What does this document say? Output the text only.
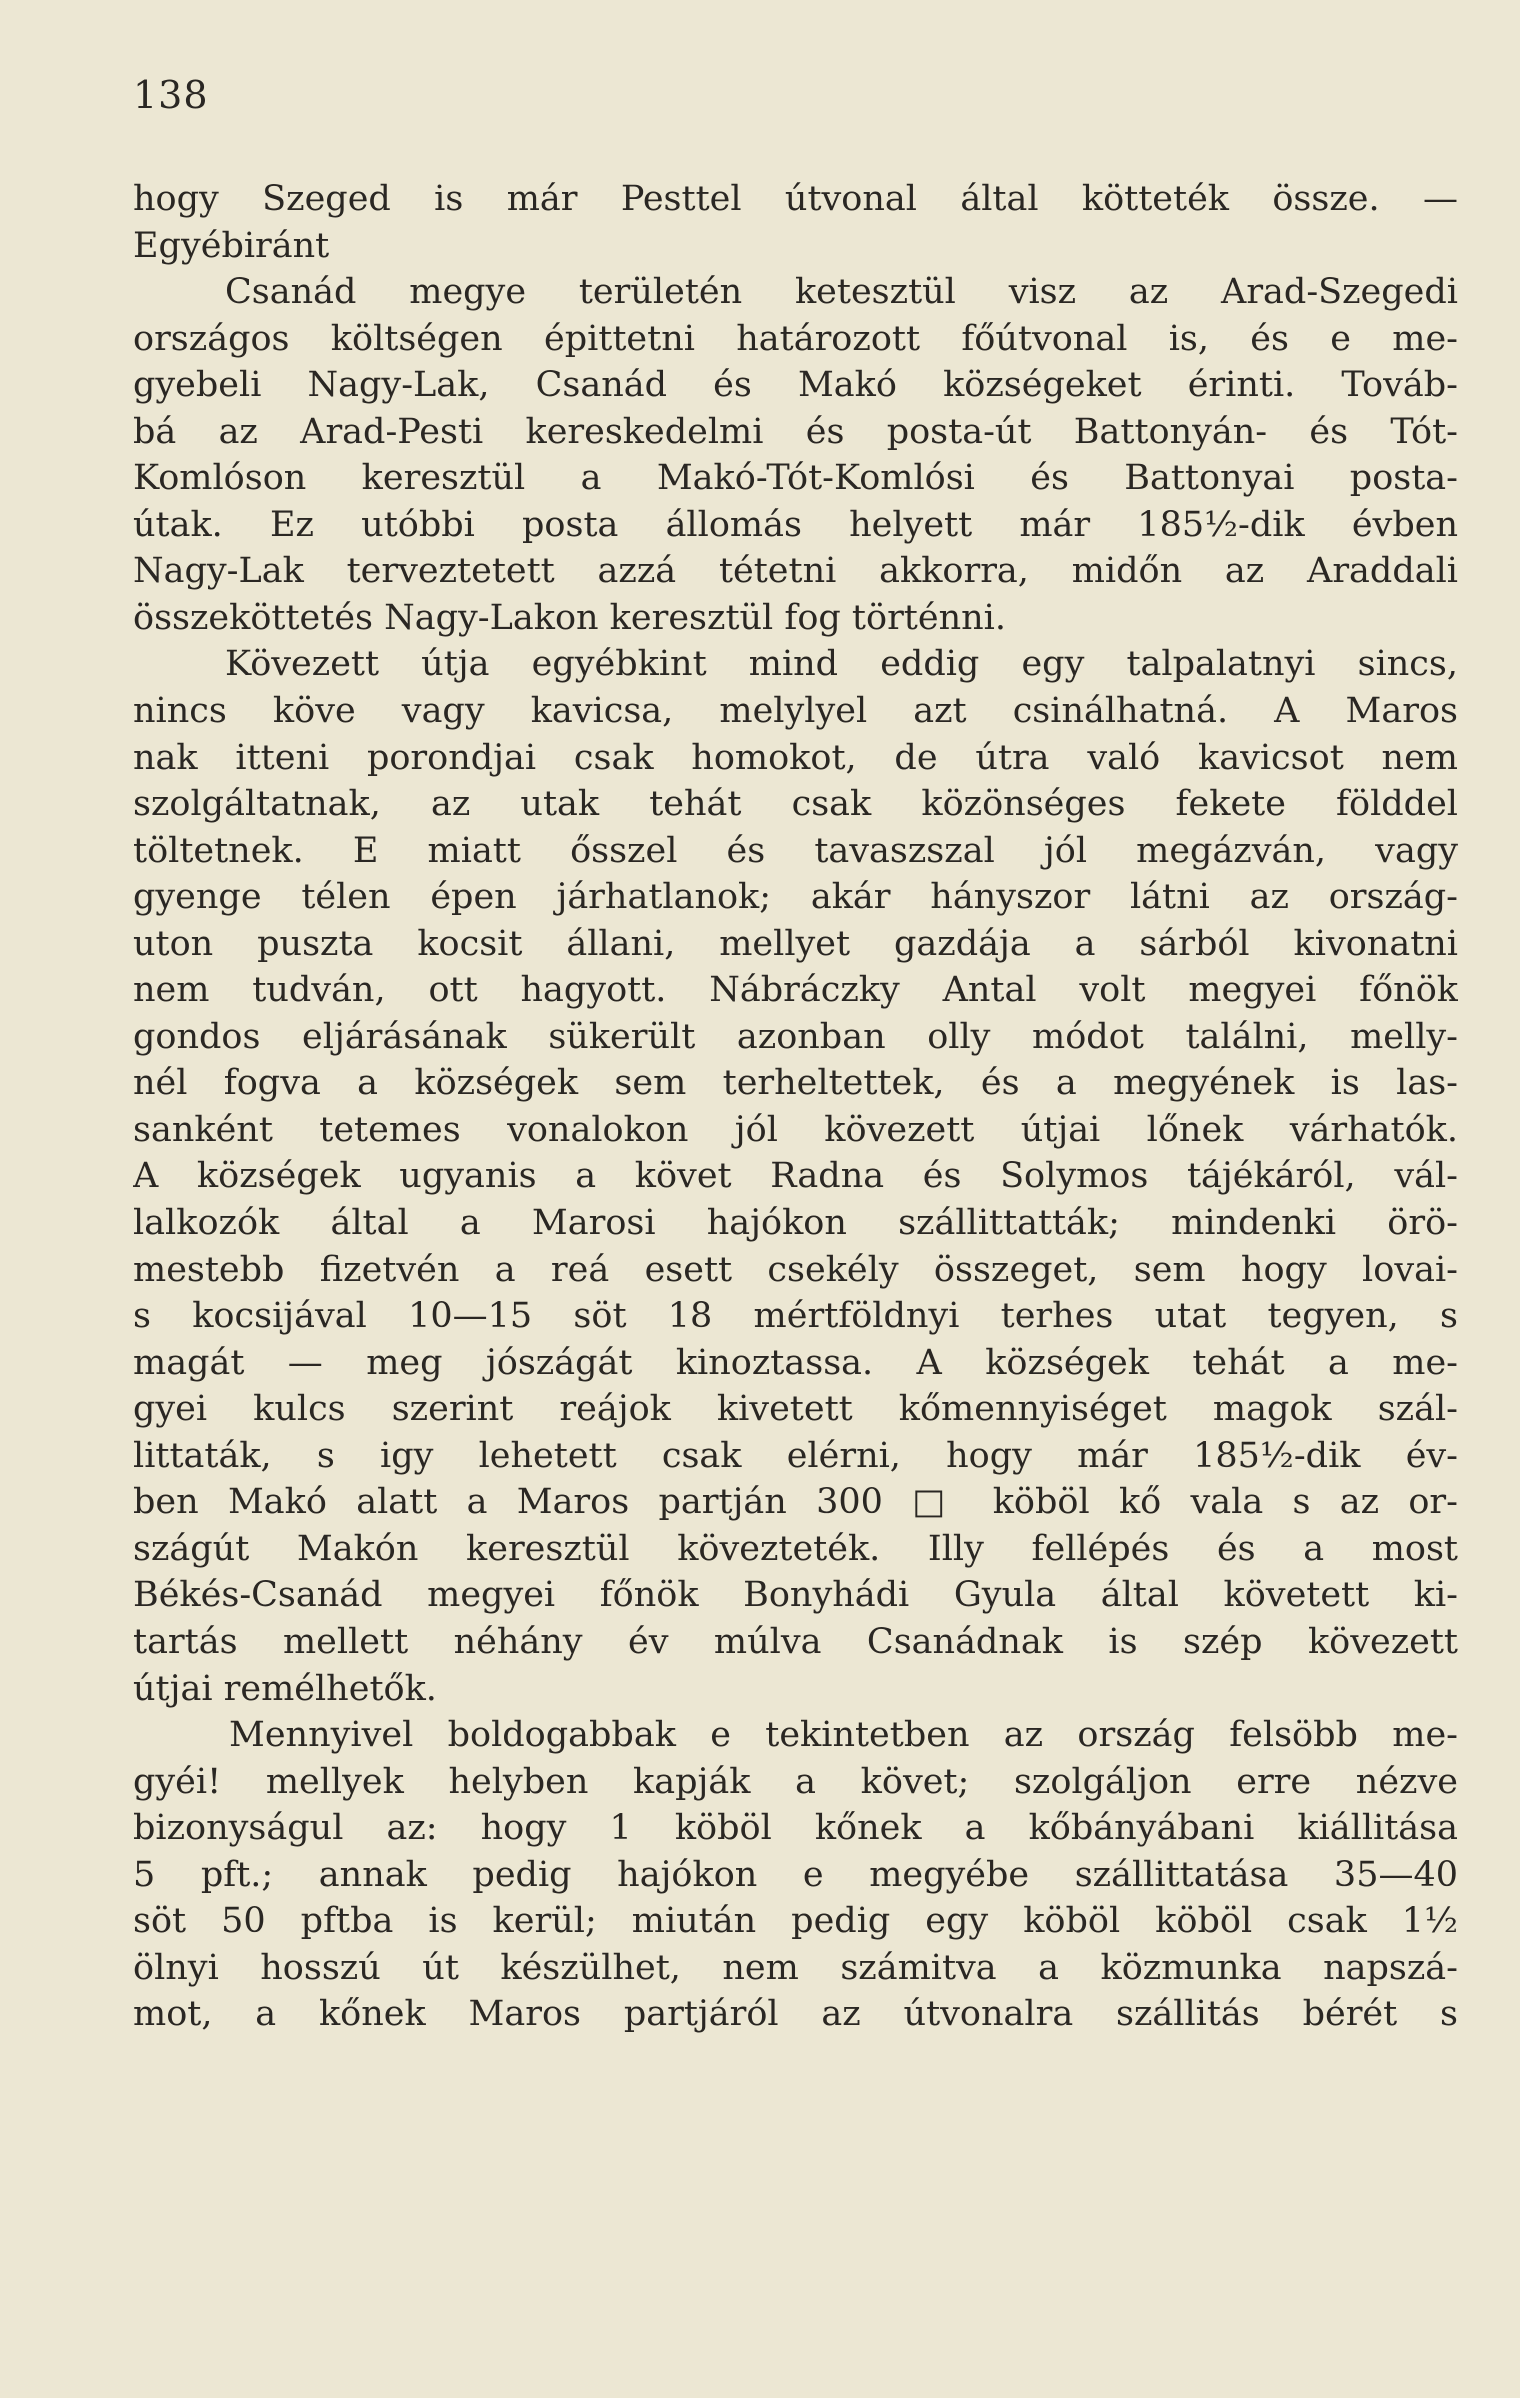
138
hogy Szeged is már Pesttel útvonal által kötteték össze. —
Egyébiránt
Csanád megye területén ketesztül visz az Arad-Szegedi
országos költségen épittetni határozott főútvonal is, és e me-
gyebeli Nagy-Lak, Csanád és Makó községeket érinti. Továb-
bá az Arad-Pesti kereskedelmi és posta-út Battonyán- és Tót-
Komlóson keresztül a Makó-Tót-Komlósi és Battonyai posta-
útak. Ez utóbbi posta állomás helyett már 185½-dik évben
Nagy-Lak terveztetett azzá tétetni akkorra, midőn az Araddali
összeköttetés Nagy-Lakon keresztül fog történni.
Kövezett útja egyébkint mind eddig egy talpalatnyi sincs,
nincs köve vagy kavicsa, melylyel azt csinálhatná. A Maros
nak itteni porondjai csak homokot, de útra való kavicsot nem
szolgáltatnak, az utak tehát csak közönséges fekete földdel
töltetnek. E miatt ősszel és tavaszszal jól megázván, vagy
gyenge télen épen járhatlanok; akár hányszor látni az ország-
uton puszta kocsit állani, mellyet gazdája a sárból kivonatni
nem tudván, ott hagyott. Nábráczky Antal volt megyei főnök
gondos eljárásának sükerült azonban olly módot találni, melly-
nél fogva a községek sem terheltettek, és a megyének is las-
sanként tetemes vonalokon jól kövezett útjai lőnek várhatók.
A községek ugyanis a követ Radna és Solymos tájékáról, vál-
lalkozók által a Marosi hajókon szállittatták; mindenki örö-
mestebb fizetvén a reá esett csekély összeget, sem hogy lovai-
s kocsijával 10—15 söt 18 mértföldnyi terhes utat tegyen, s
magát — meg jószágát kinoztassa. A községek tehát a me-
gyei kulcs szerint reájok kivetett kőmennyiséget magok szál-
littaták, s igy lehetett csak elérni, hogy már 185½-dik év-
ben Makó alatt a Maros partján 300 □ köböl kő vala s az or-
szágút Makón keresztül kövezteték. Illy fellépés és a most
Békés-Csanád megyei főnök Bonyhádi Gyula által követett ki-
tartás mellett néhány év múlva Csanádnak is szép kövezett
útjai remélhetők.
Mennyivel boldogabbak e tekintetben az ország felsöbb me-
gyéi! mellyek helyben kapják a követ; szolgáljon erre nézve
bizonyságul az: hogy 1 köböl kőnek a kőbányábani kiállitása
5 pft.; annak pedig hajókon e megyébe szállittatása 35—40
söt 50 pftba is kerül; miután pedig egy köböl köböl csak 1½
ölnyi hosszú út készülhet, nem számitva a közmunka napszá-
mot, a kőnek Maros partjáról az útvonalra szállitás bérét s
